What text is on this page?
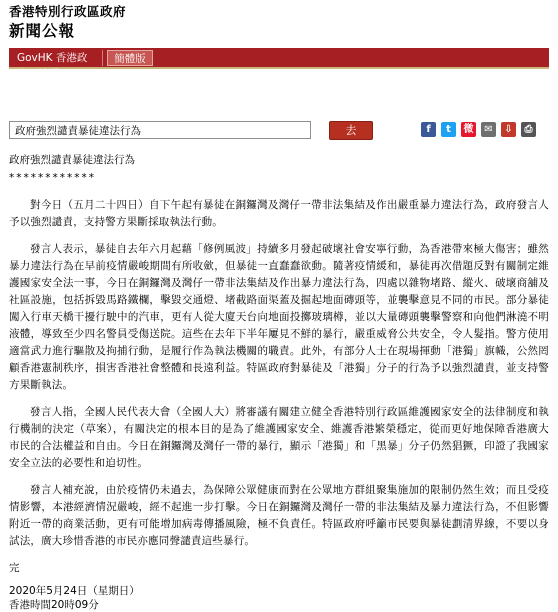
香港特別行政區政府
新聞公報
GovHK 香港政府一站通
簡體版
政府強烈譴責暴徒違法行為
去	f	t	微	✉	⇩	⎙
政府強烈譴責暴徒違法行為
************

對今日（五月二十四日）自下午起有暴徒在銅鑼灣及灣仔一帶非法集結及作出嚴重暴力違法行為，政府發言人予以強烈譴責，支持警方果斷採取執法行動。

發言人表示，暴徒自去年六月起藉「修例風波」持續多月發起破壞社會安寧行動，為香港帶來極大傷害；雖然暴力違法行為在早前疫情嚴峻期間有所收歛，但暴徒一直蠢蠢欲動。隨著疫情緩和，暴徒再次借題反對有關制定維護國家安全法一事，今日在銅鑼灣及灣仔一帶非法集結及作出暴力違法行為，四處以雜物堵路、縱火、破壞商舖及社區設施，包括拆毀馬路鐵欄，擊毀交通燈、堵截路面渠蓋及掘起地面磚頭等，並襲擊意見不同的市民。部分暴徒闖入行車天橋干擾行駛中的汽車，更有人從大廈天台向地面投擲玻璃樽，並以大量磚頭襲擊警察和向他們淋澆不明液體，導致至少四名警員受傷送院。這些在去年下半年屢見不鮮的暴行，嚴重威脅公共安全，令人髮指。警方使用適當武力進行驅散及拘捕行動，是履行作為執法機關的職責。此外，有部分人士在現場揮動「港獨」旗幟，公然罔顧香港憲制秩序，損害香港社會整體和長遠利益。特區政府對暴徒及「港獨」分子的行為予以強烈譴責，並支持警方果斷執法。

發言人指，全國人民代表大會（全國人大）將審議有關建立健全香港特別行政區維護國家安全的法律制度和執行機制的決定（草案），有關決定的根本目的是為了維護國家安全、維護香港繁榮穩定，從而更好地保障香港廣大市民的合法權益和自由。今日在銅鑼灣及灣仔一帶的暴行，顯示「港獨」和「黑暴」分子仍然猖獗，印證了我國家安全立法的必要性和迫切性。

發言人補充說，由於疫情仍未過去，為保障公眾健康而對在公眾地方群組聚集施加的限制仍然生效；而且受疫情影響，本港經濟情況嚴峻，經不起進一步打擊。今日在銅鑼灣及灣仔一帶的非法集結及暴力違法行為，不但影響附近一帶的商業活動，更有可能增加病毒傳播風險，極不負責任。特區政府呼籲市民要與暴徒劃清界線，不要以身試法，廣大珍惜香港的市民亦應同聲譴責這些暴行。

完
2020年5月24日（星期日）
香港時間20時09分
